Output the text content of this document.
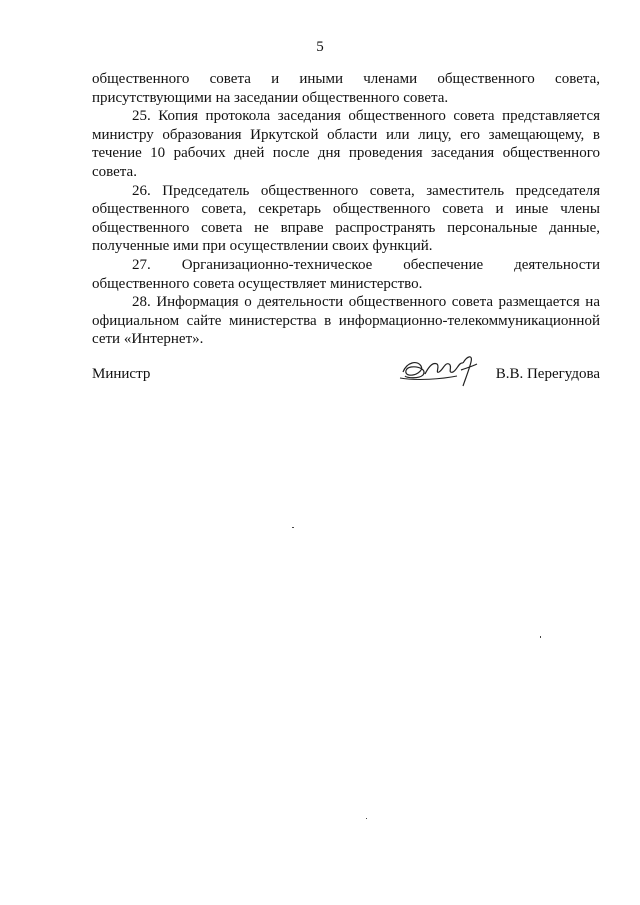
5

общественного совета и иными членами общественного совета, присутствующими на заседании общественного совета.

25. Копия протокола заседания общественного совета представляется министру образования Иркутской области или лицу, его замещающему, в течение 10 рабочих дней после дня проведения заседания общественного совета.

26. Председатель общественного совета, заместитель председателя общественного совета, секретарь общественного совета и иные члены общественного совета не вправе распространять персональные данные, полученные ими при осуществлении своих функций.

27. Организационно-техническое обеспечение деятельности общественного совета осуществляет министерство.

28. Информация о деятельности общественного совета размещается на официальном сайте министерства в информационно-телекоммуникационной сети «Интернет».

Министр	В.В. Перегудова
